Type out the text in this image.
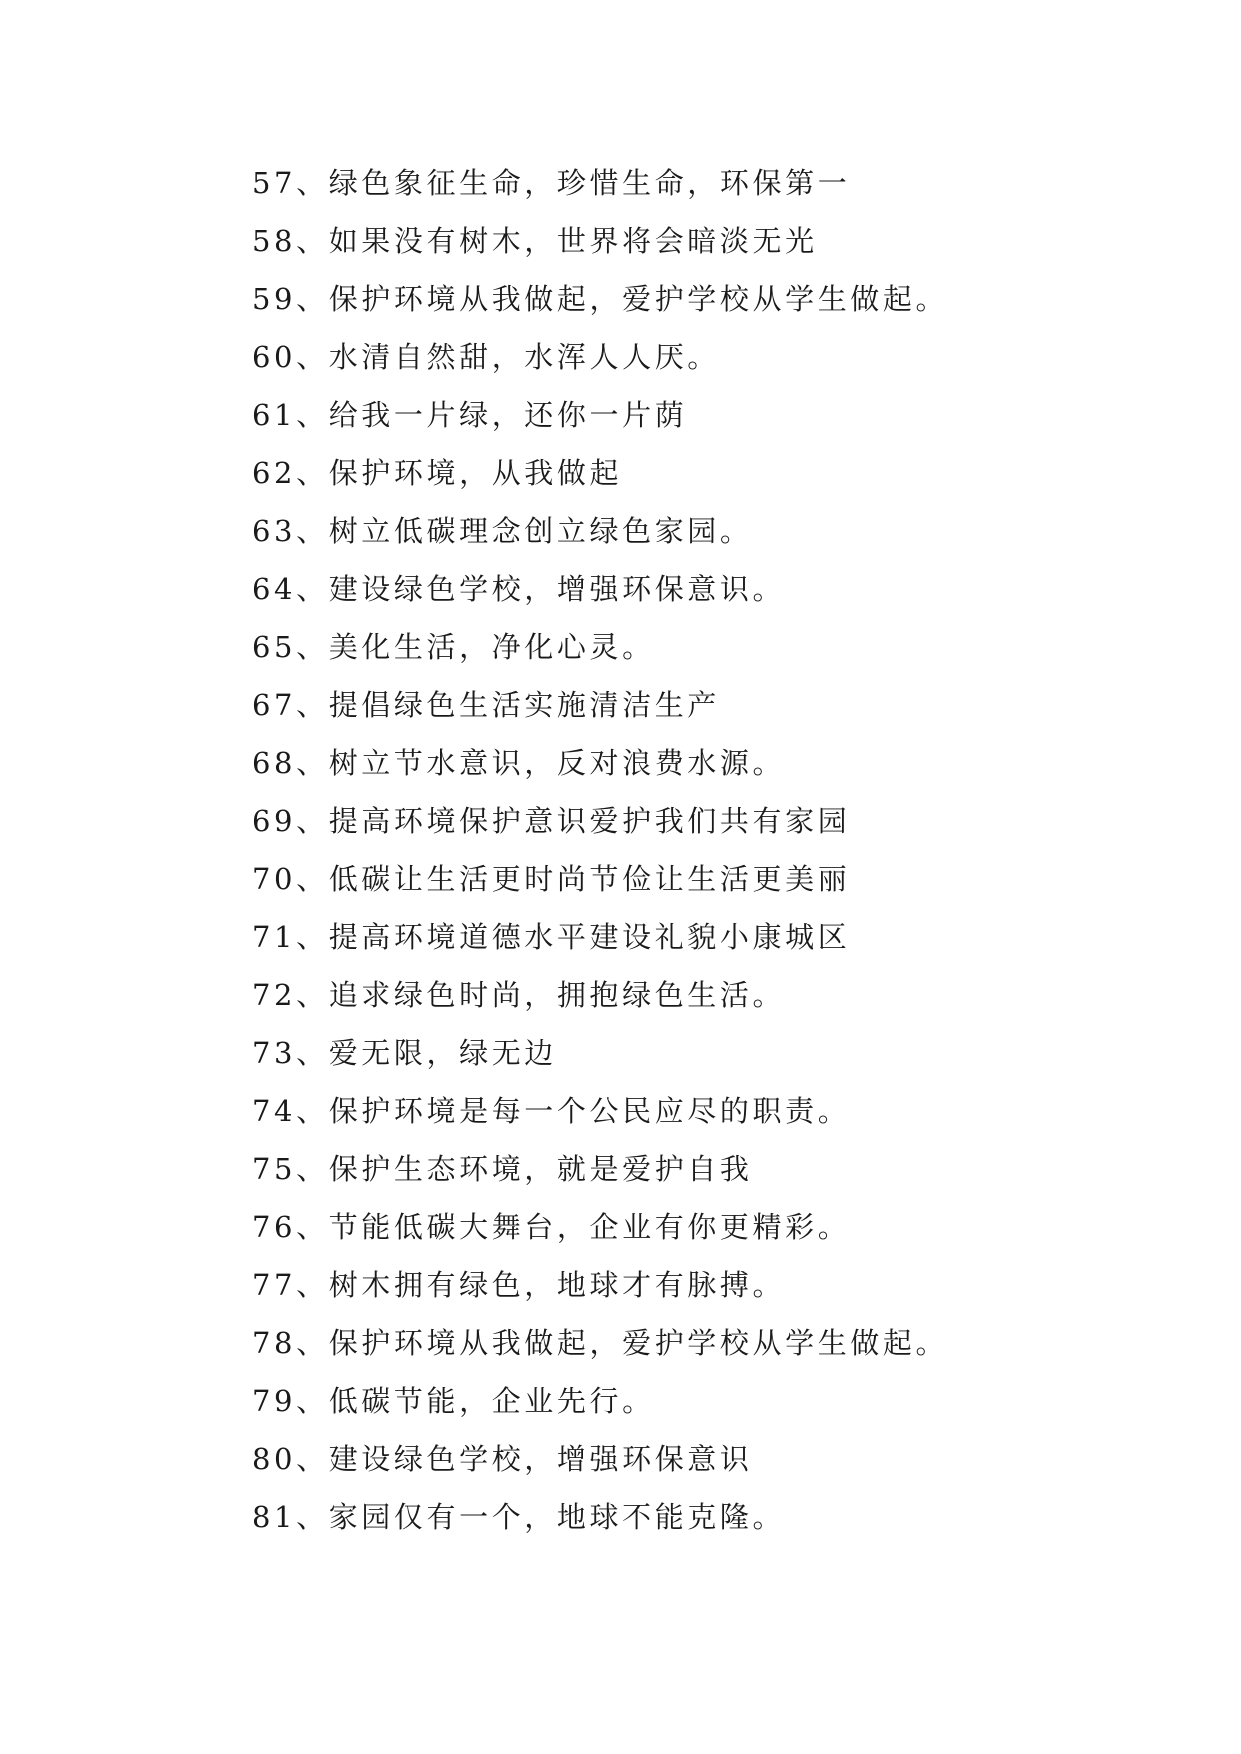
57、绿色象征生命，珍惜生命，环保第一
58、如果没有树木，世界将会暗淡无光
59、保护环境从我做起，爱护学校从学生做起。
60、水清自然甜，水浑人人厌。
61、给我一片绿，还你一片荫
62、保护环境，从我做起
63、树立低碳理念创立绿色家园。
64、建设绿色学校，增强环保意识。
65、美化生活，净化心灵。
67、提倡绿色生活实施清洁生产
68、树立节水意识，反对浪费水源。
69、提高环境保护意识爱护我们共有家园
70、低碳让生活更时尚节俭让生活更美丽
71、提高环境道德水平建设礼貌小康城区
72、追求绿色时尚，拥抱绿色生活。
73、爱无限，绿无边
74、保护环境是每一个公民应尽的职责。
75、保护生态环境，就是爱护自我
76、节能低碳大舞台，企业有你更精彩。
77、树木拥有绿色，地球才有脉搏。
78、保护环境从我做起，爱护学校从学生做起。
79、低碳节能，企业先行。
80、建设绿色学校，增强环保意识
81、家园仅有一个，地球不能克隆。
